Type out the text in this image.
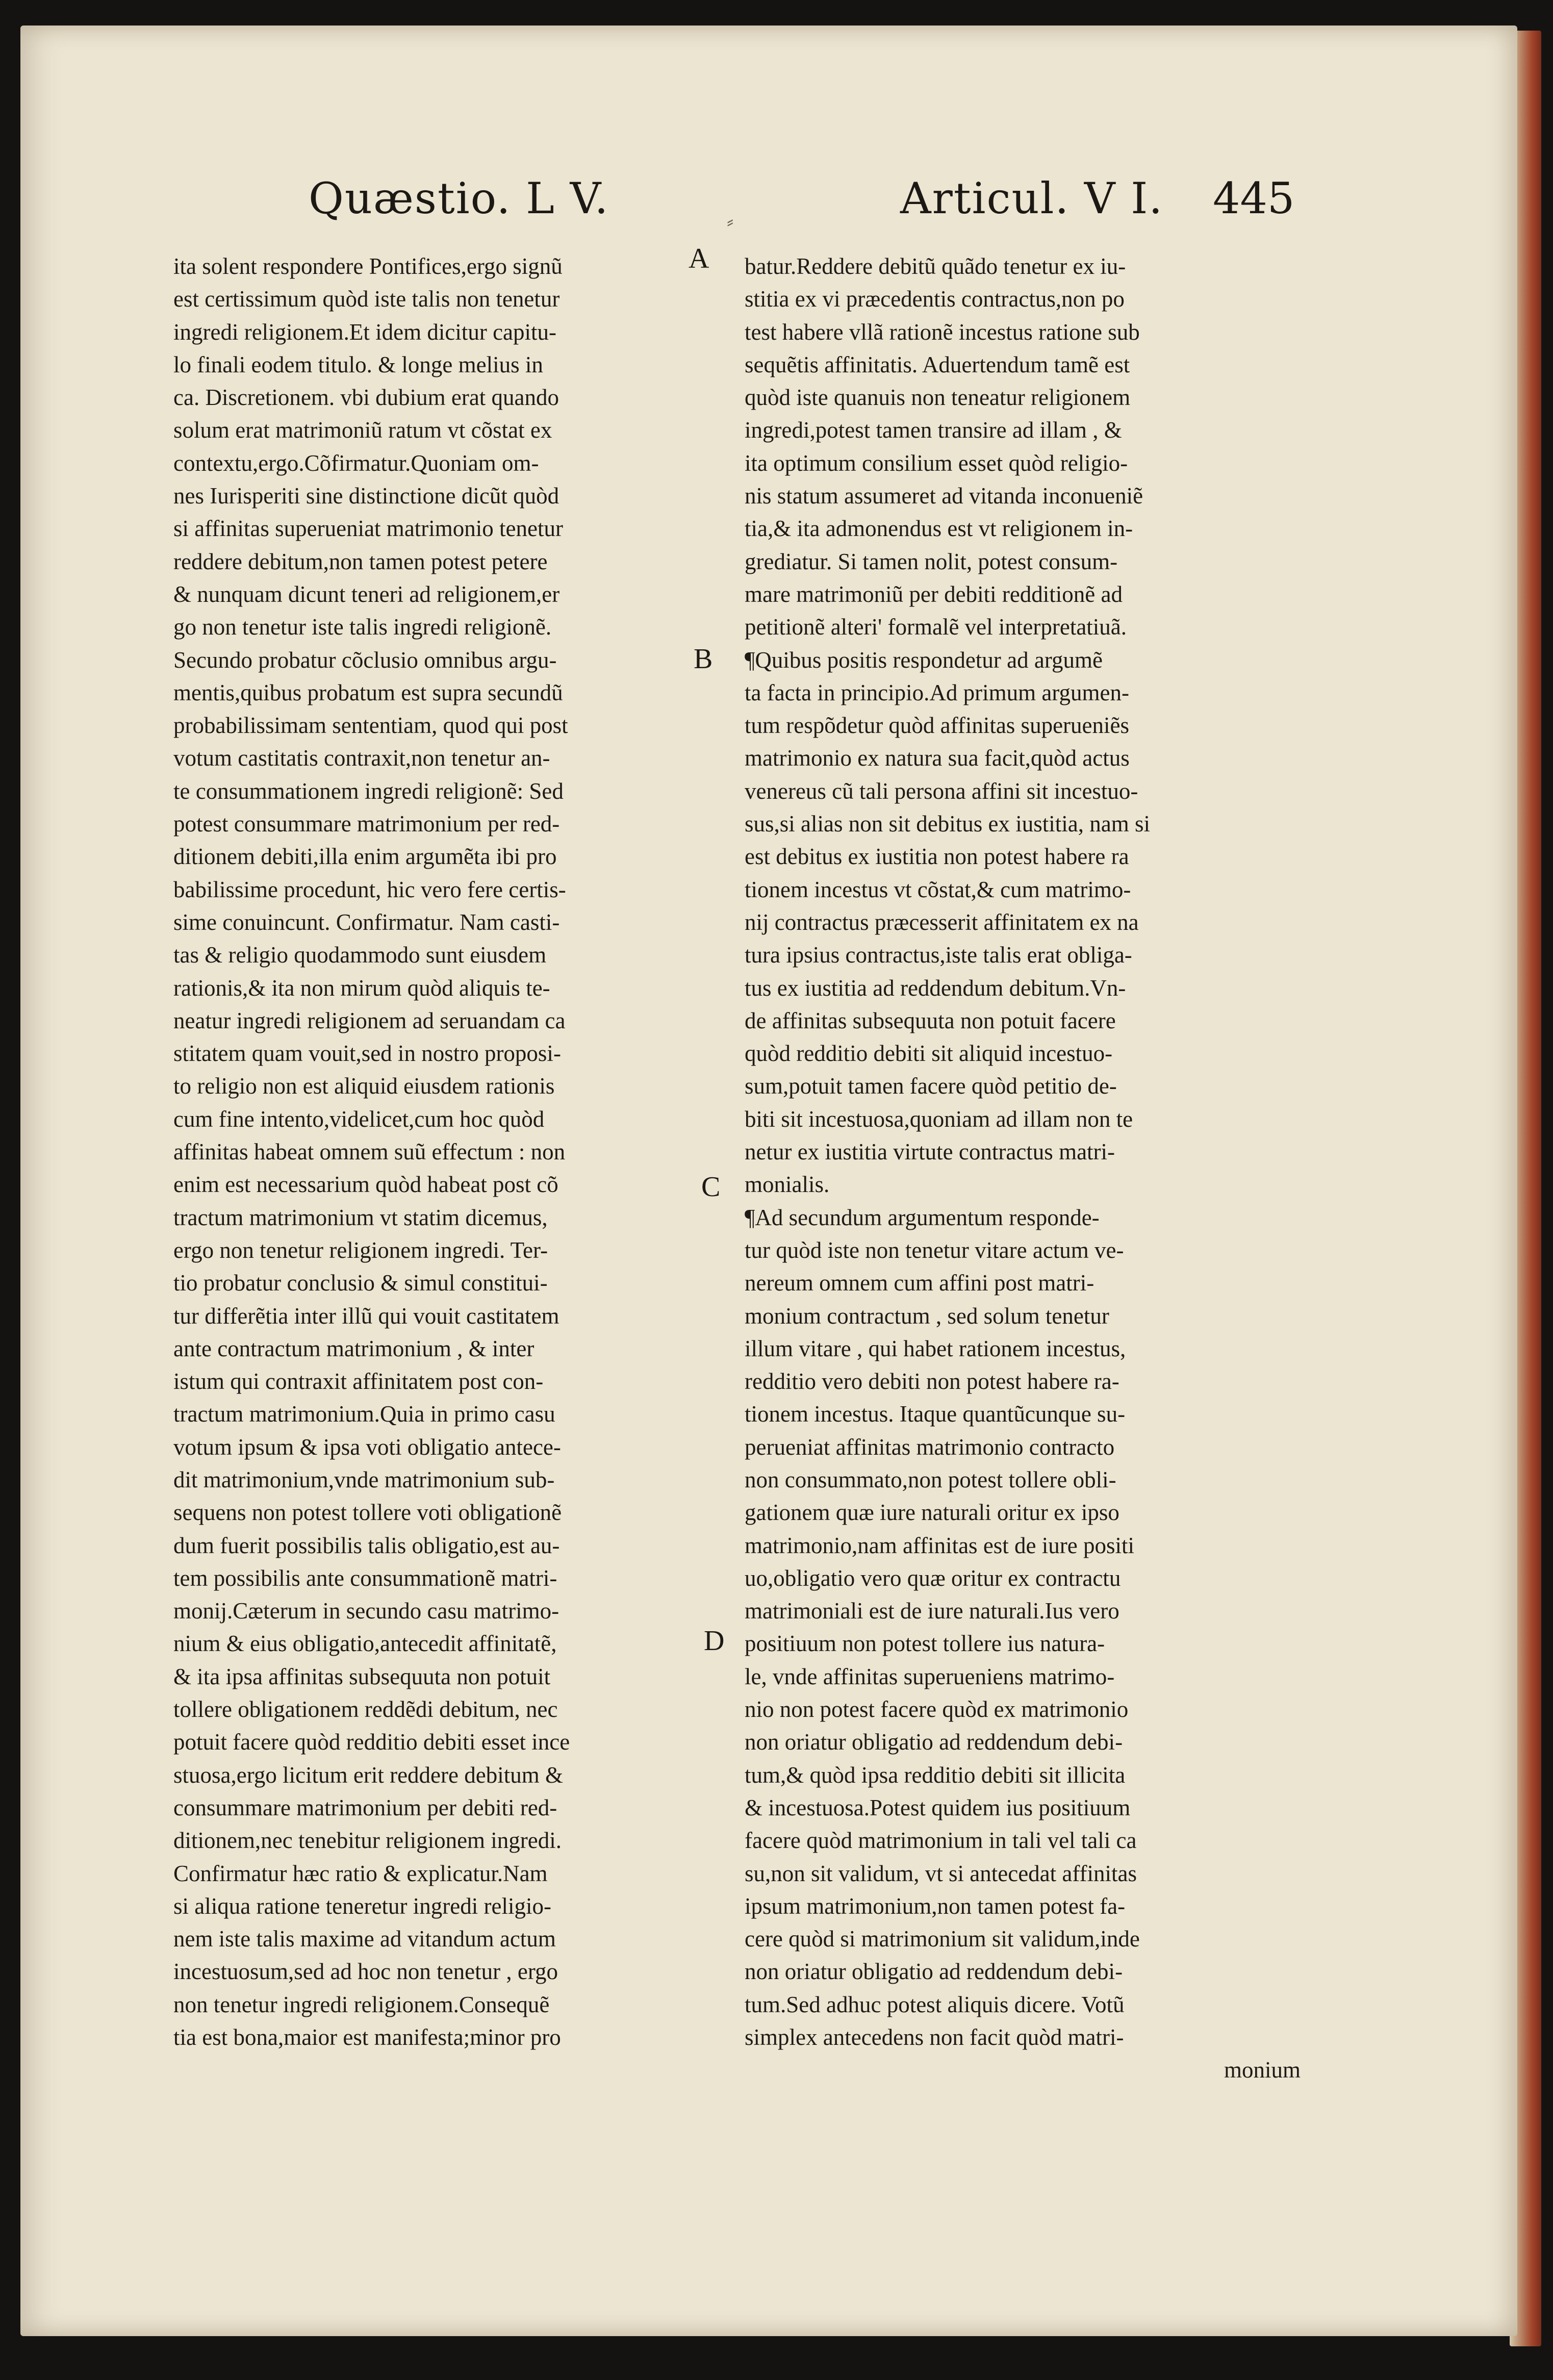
⸗
Quæstio. L V.	Articul. V I. 445
ita solent respondere Pontifices,ergo signũ
est certissimum quòd iste talis non tenetur
ingredi religionem.Et idem dicitur capitu-
lo finali eodem titulo. & longe melius in
ca. Discretionem. vbi dubium erat quando
solum erat matrimoniũ ratum vt cõstat ex
contextu,ergo.Cõfirmatur.Quoniam om-
nes Iurisperiti sine distinctione dicũt quòd
si affinitas superueniat matrimonio tenetur
reddere debitum,non tamen potest petere
& nunquam dicunt teneri ad religionem,er
go non tenetur iste talis ingredi religionẽ.
Secundo probatur cõclusio omnibus argu-
mentis,quibus probatum est supra secundũ
probabilissimam sententiam, quod qui post
votum castitatis contraxit,non tenetur an-
te consummationem ingredi religionẽ: Sed
potest consummare matrimonium per red-
ditionem debiti,illa enim argumẽta ibi pro
babilissime procedunt, hic vero fere certis-
sime conuincunt. Confirmatur. Nam casti-
tas & religio quodammodo sunt eiusdem
rationis,& ita non mirum quòd aliquis te-
neatur ingredi religionem ad seruandam ca
stitatem quam vouit,sed in nostro proposi-
to religio non est aliquid eiusdem rationis
cum fine intento,videlicet,cum hoc quòd
affinitas habeat omnem suũ effectum : non
enim est necessarium quòd habeat post cõ
tractum matrimonium vt statim dicemus,
ergo non tenetur religionem ingredi. Ter-
tio probatur conclusio & simul constitui-
tur differẽtia inter illũ qui vouit castitatem
ante contractum matrimonium , & inter
istum qui contraxit affinitatem post con-
tractum matrimonium.Quia in primo casu
votum ipsum & ipsa voti obligatio antece-
dit matrimonium,vnde matrimonium sub-
sequens non potest tollere voti obligationẽ
dum fuerit possibilis talis obligatio,est au-
tem possibilis ante consummationẽ matri-
monij.Cæterum in secundo casu matrimo-
nium & eius obligatio,antecedit affinitatẽ,
& ita ipsa affinitas subsequuta non potuit
tollere obligationem reddẽdi debitum, nec
potuit facere quòd redditio debiti esset ince
stuosa,ergo licitum erit reddere debitum &
consummare matrimonium per debiti red-
ditionem,nec tenebitur religionem ingredi.
Confirmatur hæc ratio & explicatur.Nam
si aliqua ratione teneretur ingredi religio-
nem iste talis maxime ad vitandum actum
incestuosum,sed ad hoc non tenetur , ergo
non tenetur ingredi religionem.Consequẽ
tia est bona,maior est manifesta;minor pro
batur.Reddere debitũ quãdo tenetur ex iu-
stitia ex vi præcedentis contractus,non po
test habere vllã rationẽ incestus ratione sub
sequẽtis affinitatis. Aduertendum tamẽ est
quòd iste quanuis non teneatur religionem
ingredi,potest tamen transire ad illam , &
ita optimum consilium esset quòd religio-
nis statum assumeret ad vitanda inconueniẽ
tia,& ita admonendus est vt religionem in-
grediatur. Si tamen nolit, potest consum-
mare matrimoniũ per debiti redditionẽ ad
petitionẽ alteri' formalẽ vel interpretatiuã.
¶Quibus positis respondetur ad argumẽ
ta facta in principio.Ad primum argumen-
tum respõdetur quòd affinitas superueniẽs
matrimonio ex natura sua facit,quòd actus
venereus cũ tali persona affini sit incestuo-
sus,si alias non sit debitus ex iustitia, nam si
est debitus ex iustitia non potest habere ra
tionem incestus vt cõstat,& cum matrimo-
nij contractus præcesserit affinitatem ex na
tura ipsius contractus,iste talis erat obliga-
tus ex iustitia ad reddendum debitum.Vn-
de affinitas subsequuta non potuit facere
quòd redditio debiti sit aliquid incestuo-
sum,potuit tamen facere quòd petitio de-
biti sit incestuosa,quoniam ad illam non te
netur ex iustitia virtute contractus matri-
monialis.
¶Ad secundum argumentum responde-
tur quòd iste non tenetur vitare actum ve-
nereum omnem cum affini post matri-
monium contractum , sed solum tenetur
illum vitare , qui habet rationem incestus,
redditio vero debiti non potest habere ra-
tionem incestus. Itaque quantũcunque su-
perueniat affinitas matrimonio contracto
non consummato,non potest tollere obli-
gationem quæ iure naturali oritur ex ipso
matrimonio,nam affinitas est de iure positi
uo,obligatio vero quæ oritur ex contractu
matrimoniali est de iure naturali.Ius vero
positiuum non potest tollere ius natura-
le, vnde affinitas superueniens matrimo-
nio non potest facere quòd ex matrimonio
non oriatur obligatio ad reddendum debi-
tum,& quòd ipsa redditio debiti sit illicita
& incestuosa.Potest quidem ius positiuum
facere quòd matrimonium in tali vel tali ca
su,non sit validum, vt si antecedat affinitas
ipsum matrimonium,non tamen potest fa-
cere quòd si matrimonium sit validum,inde
non oriatur obligatio ad reddendum debi-
tum.Sed adhuc potest aliquis dicere. Votũ
simplex antecedens non facit quòd matri-
monium
A
B
C
D
